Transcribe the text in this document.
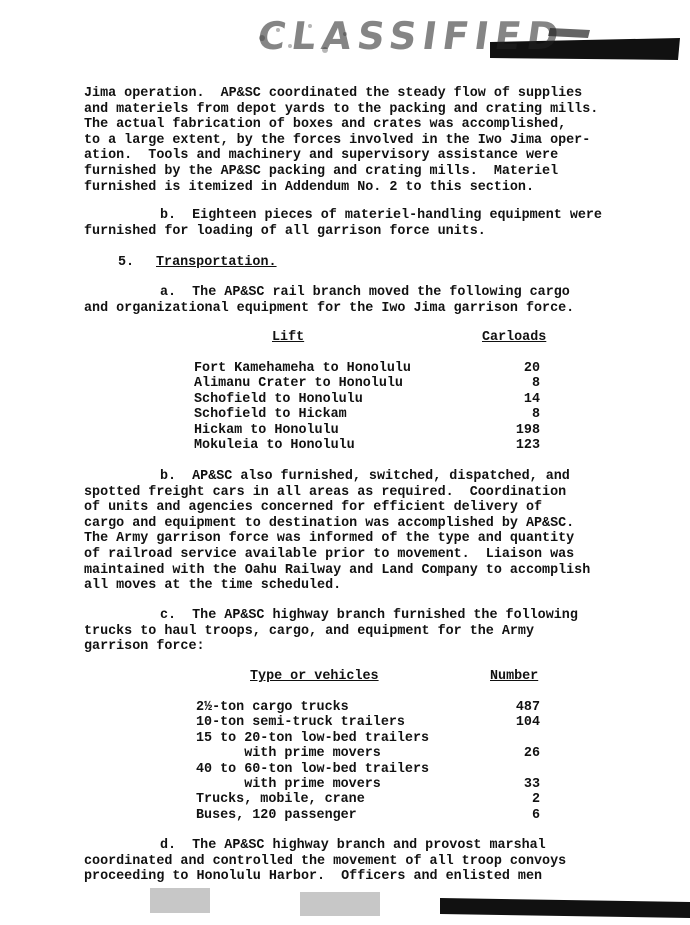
CLASSIFIED
Jima operation.  AP&SC coordinated the steady flow of supplies
and materiels from depot yards to the packing and crating mills.
The actual fabrication of boxes and crates was accomplished,
to a large extent, by the forces involved in the Iwo Jima oper-
ation.  Tools and machinery and supervisory assistance were
furnished by the AP&SC packing and crating mills.  Materiel
furnished is itemized in Addendum No. 2 to this section.
b.  Eighteen pieces of materiel-handling equipment were
furnished for loading of all garrison force units.
5. Transportation.
a.  The AP&SC rail branch moved the following cargo
and organizational equipment for the Iwo Jima garrison force.
Lift	Carloads
Fort Kamehameha to Honolulu	20
Alimanu Crater to Honolulu	8
Schofield to Honolulu	14
Schofield to Hickam	8
Hickam to Honolulu	198
Mokuleia to Honolulu	123
b.  AP&SC also furnished, switched, dispatched, and
spotted freight cars in all areas as required.  Coordination
of units and agencies concerned for efficient delivery of
cargo and equipment to destination was accomplished by AP&SC.
The Army garrison force was informed of the type and quantity
of railroad service available prior to movement.  Liaison was
maintained with the Oahu Railway and Land Company to accomplish
all moves at the time scheduled.
c.  The AP&SC highway branch furnished the following
trucks to haul troops, cargo, and equipment for the Army
garrison force:
Type or vehicles	Number
2½-ton cargo trucks	487
10-ton semi-truck trailers	104
15 to 20-ton low-bed trailers
with prime movers	26
40 to 60-ton low-bed trailers
with prime movers	33
Trucks, mobile, crane	2
Buses, 120 passenger	6
d.  The AP&SC highway branch and provost marshal
coordinated and controlled the movement of all troop convoys
proceeding to Honolulu Harbor.  Officers and enlisted men
